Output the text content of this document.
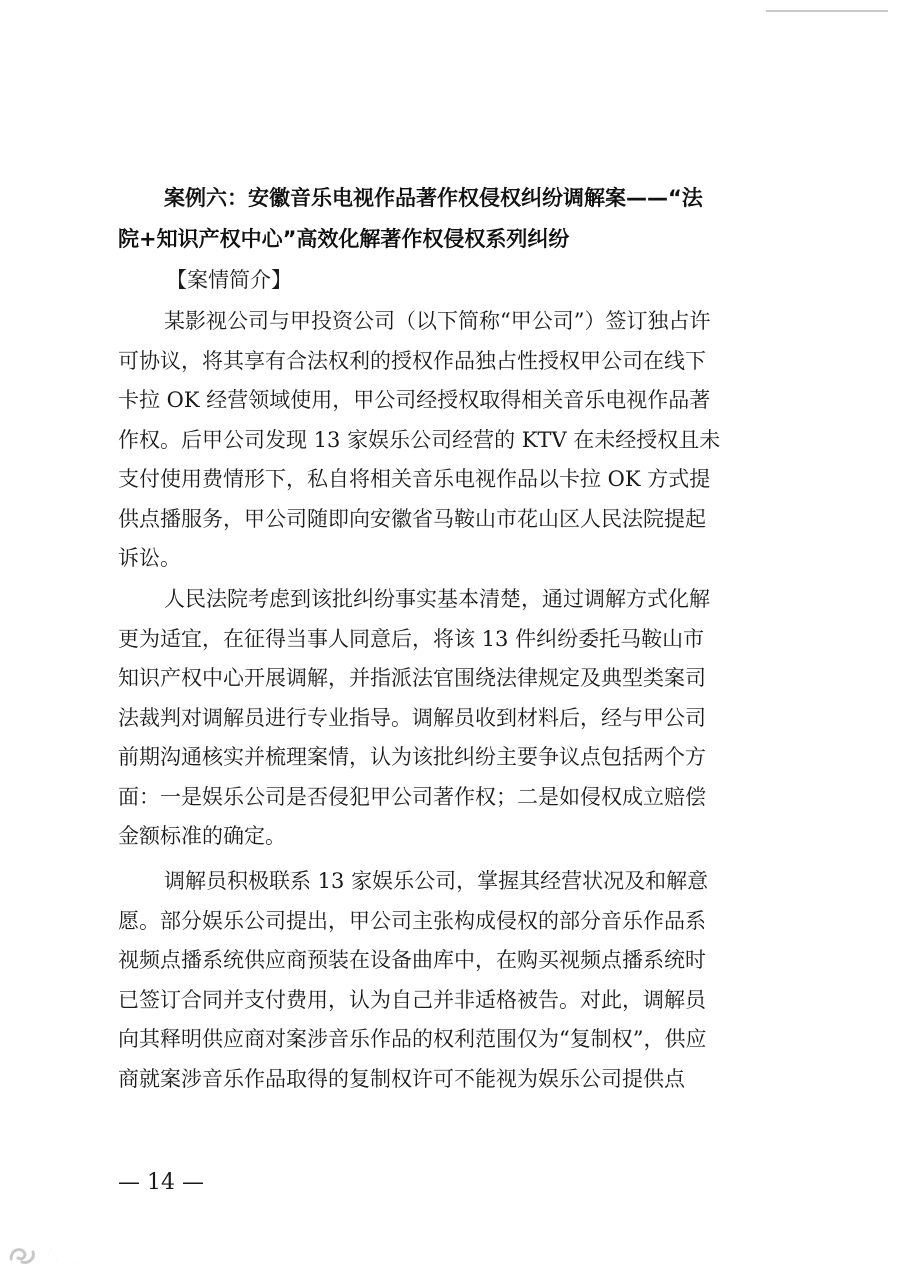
案例六：安徽音乐电视作品著作权侵权纠纷调解案——“法
院+知识产权中心”高效化解著作权侵权系列纠纷
【案情简介】
某影视公司与甲投资公司（以下简称“甲公司”）签订独占许
可协议，将其享有合法权利的授权作品独占性授权甲公司在线下
卡拉 OK 经营领域使用，甲公司经授权取得相关音乐电视作品著
作权。后甲公司发现 13 家娱乐公司经营的 KTV 在未经授权且未
支付使用费情形下，私自将相关音乐电视作品以卡拉 OK 方式提
供点播服务，甲公司随即向安徽省马鞍山市花山区人民法院提起
诉讼。
人民法院考虑到该批纠纷事实基本清楚，通过调解方式化解
更为适宜，在征得当事人同意后，将该 13 件纠纷委托马鞍山市
知识产权中心开展调解，并指派法官围绕法律规定及典型类案司
法裁判对调解员进行专业指导。调解员收到材料后，经与甲公司
前期沟通核实并梳理案情，认为该批纠纷主要争议点包括两个方
面：一是娱乐公司是否侵犯甲公司著作权；二是如侵权成立赔偿
金额标准的确定。
调解员积极联系 13 家娱乐公司，掌握其经营状况及和解意
愿。部分娱乐公司提出，甲公司主张构成侵权的部分音乐作品系
视频点播系统供应商预装在设备曲库中，在购买视频点播系统时
已签订合同并支付费用，认为自己并非适格被告。对此，调解员
向其释明供应商对案涉音乐作品的权利范围仅为“复制权”，供应
商就案涉音乐作品取得的复制权许可不能视为娱乐公司提供点
— 14 —
六度跨境
